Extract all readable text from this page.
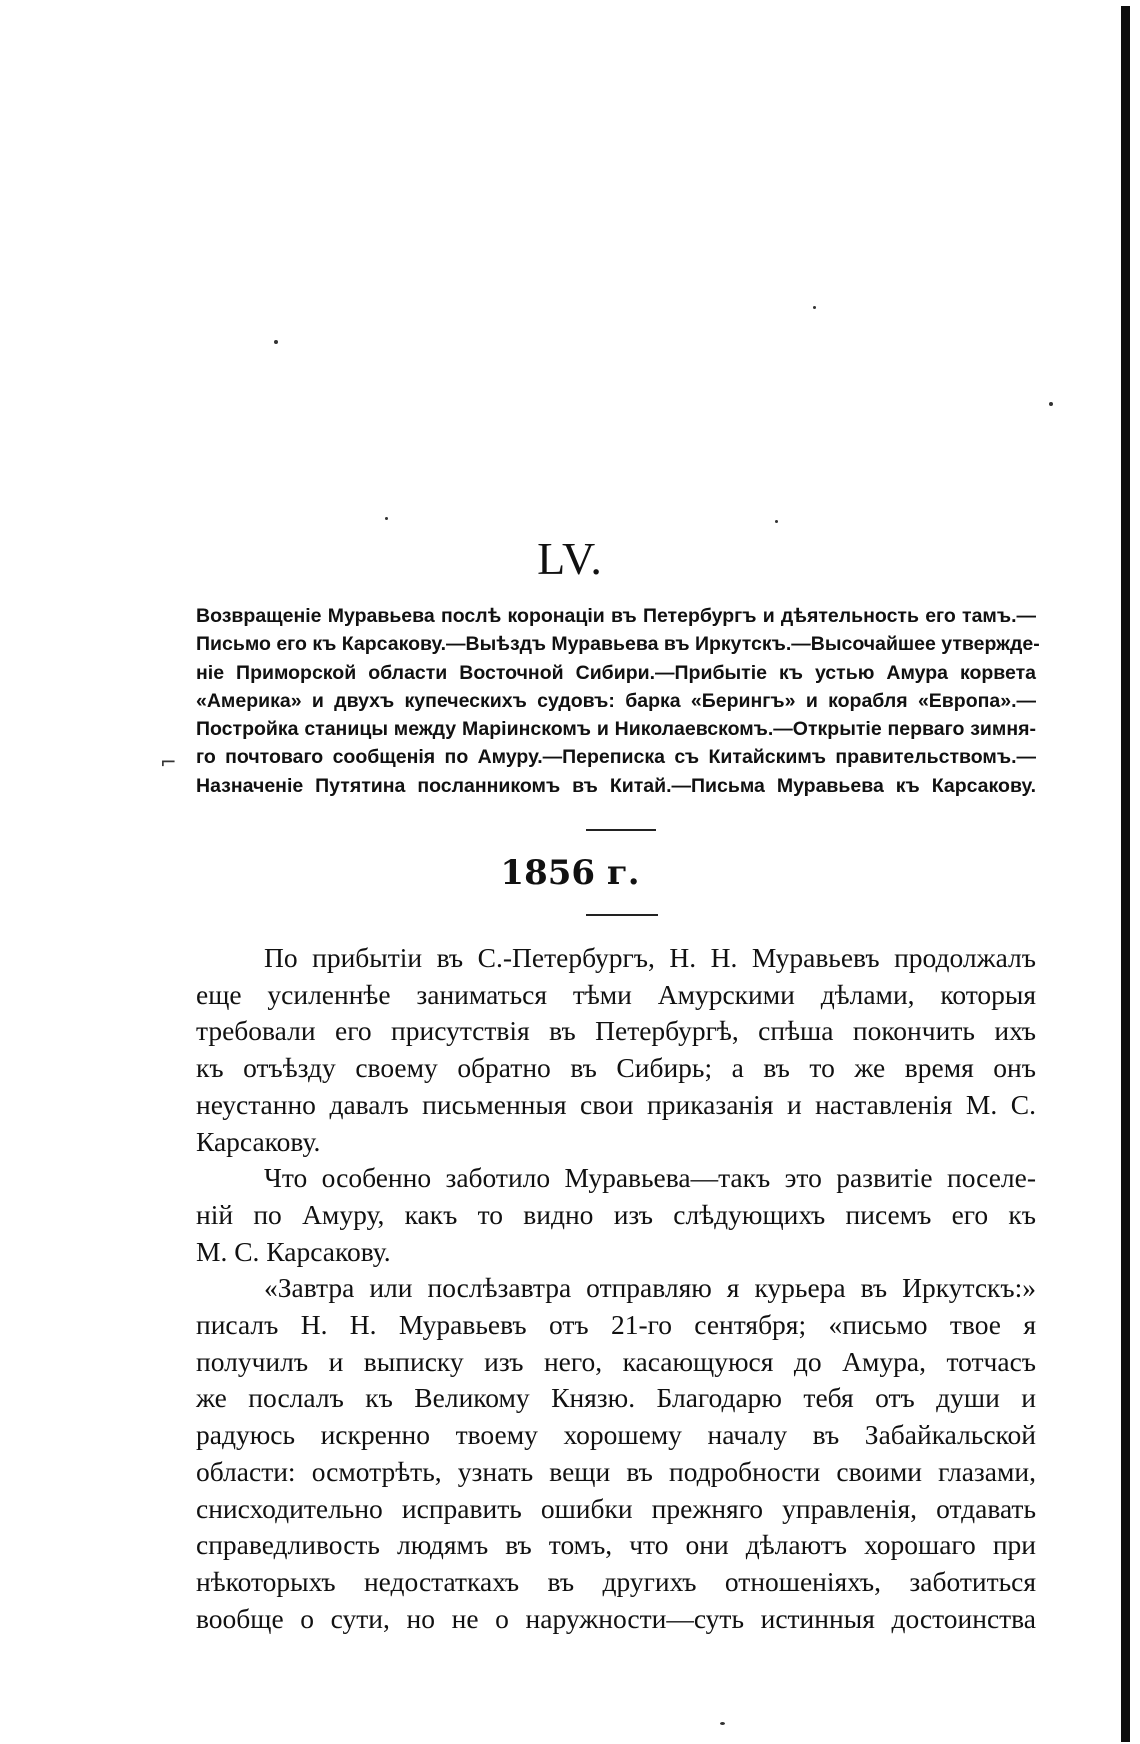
LV.
⌐
Возвращеніе Муравьева послѣ коронаціи въ Петербургъ и дѣятельность его тамъ.—
Письмо его къ Карсакову.—Выѣздъ Муравьева въ Иркутскъ.—Высочайшее утвержде-
ніе Приморской области Восточной Сибири.—Прибытіе къ устью Амура корвета
«Америка» и двухъ купеческихъ судовъ: барка «Берингъ» и корабля «Европа».—
Постройка станицы между Маріинскомъ и Николаевскомъ.—Открытіе перваго зимня-
го почтоваго сообщенія по Амуру.—Переписка съ Китайскимъ правительствомъ.—
Назначеніе Путятина посланникомъ въ Китай.—Письма Муравьева къ Карсакову.
1856 г.
По прибытіи въ С.-Петербургъ, Н. Н. Муравьевъ продолжалъ
еще усиленнѣе заниматься тѣми Амурскими дѣлами, которыя
требовали его присутствія въ Петербургѣ, спѣша покончить ихъ
къ отъѣзду своему обратно въ Сибирь; а въ то же время онъ
неустанно давалъ письменныя свои приказанія и наставленія М. С.
Карсакову.
Что особенно заботило Муравьева—такъ это развитіе поселе-
ній по Амуру, какъ то видно изъ слѣдующихъ писемъ его къ
М. С. Карсакову.
«Завтра или послѣзавтра отправляю я курьера въ Иркутскъ:»
писалъ Н. Н. Муравьевъ отъ 21-го сентября; «письмо твое я
получилъ и выписку изъ него, касающуюся до Амура, тотчасъ
же послалъ къ Великому Князю. Благодарю тебя отъ души и
радуюсь искренно твоему хорошему началу въ Забайкальской
области: осмотрѣть, узнать вещи въ подробности своими глазами,
снисходительно исправить ошибки прежняго управленія, отдавать
справедливость людямъ въ томъ, что они дѣлаютъ хорошаго при
нѣкоторыхъ недостаткахъ въ другихъ отношеніяхъ, заботиться
вообще о сути, но не о наружности—суть истинныя достоинства
